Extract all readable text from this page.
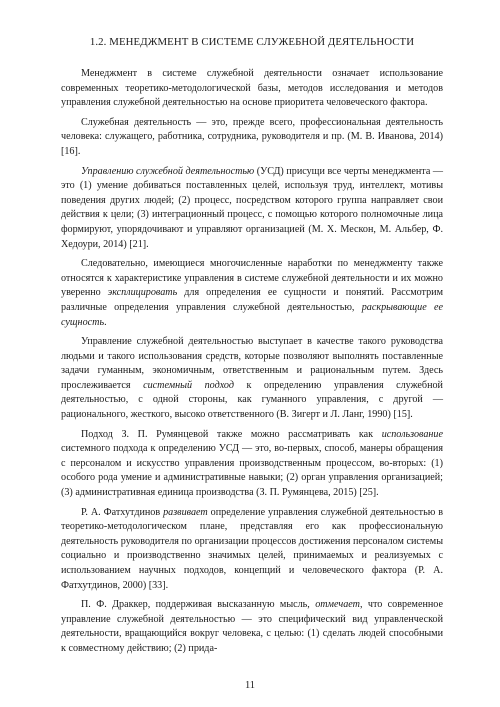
1.2. МЕНЕДЖМЕНТ В СИСТЕМЕ СЛУЖЕБНОЙ ДЕЯТЕЛЬНОСТИ

Менеджмент в системе служебной деятельности означает использование современных теоретико-методологической базы, методов исследования и методов управления служебной деятельностью на основе приоритета человеческого фактора.

Служебная деятельность — это, прежде всего, профессиональная деятельность человека: служащего, работника, сотрудника, руководителя и пр. (М. В. Иванова, 2014) [16].

Управлению служебной деятельностью (УСД) присущи все черты менеджмента — это (1) умение добиваться поставленных целей, используя труд, интеллект, мотивы поведения других людей; (2) процесс, посредством которого группа направляет свои действия к цели; (3) интеграционный процесс, с помощью которого полномочные лица формируют, упорядочивают и управляют организацией (М. Х. Мескон, М. Альбер, Ф. Хедоури, 2014) [21].

Следовательно, имеющиеся многочисленные наработки по менеджменту также относятся к характеристике управления в системе служебной деятельности и их можно уверенно эксплицировать для определения ее сущности и понятий. Рассмотрим различные определения управления служебной деятельностью, раскрывающие ее сущность.

Управление служебной деятельностью выступает в качестве такого руководства людьми и такого использования средств, которые позволяют выполнять поставленные задачи гуманным, экономичным, ответственным и рациональным путем. Здесь прослеживается системный подход к определению управления служебной деятельностью, с одной стороны, как гуманного управления, с другой — рационального, жесткого, высоко ответственного (В. Зигерт и Л. Ланг, 1990) [15].

Подход З. П. Румянцевой также можно рассматривать как использование системного подхода к определению УСД — это, во-первых, способ, манеры обращения с персоналом и искусство управления производственным процессом, во-вторых: (1) особого рода умение и административные навыки; (2) орган управления организацией; (3) административная единица производства (З. П. Румянцева, 2015) [25].

Р. А. Фатхутдинов развивает определение управления служебной деятельностью в теоретико-методологическом плане, представляя его как профессиональную деятельность руководителя по организации процессов достижения персоналом системы социально и производственно значимых целей, принимаемых и реализуемых с использованием научных подходов, концепций и человеческого фактора (Р. А. Фатхутдинов, 2000) [33].

П. Ф. Драккер, поддерживая высказанную мысль, отмечает, что современное управление служебной деятельностью — это специфический вид управленческой деятельности, вращающийся вокруг человека, с целью: (1) сделать людей способными к совместному действию; (2) прида-

11
